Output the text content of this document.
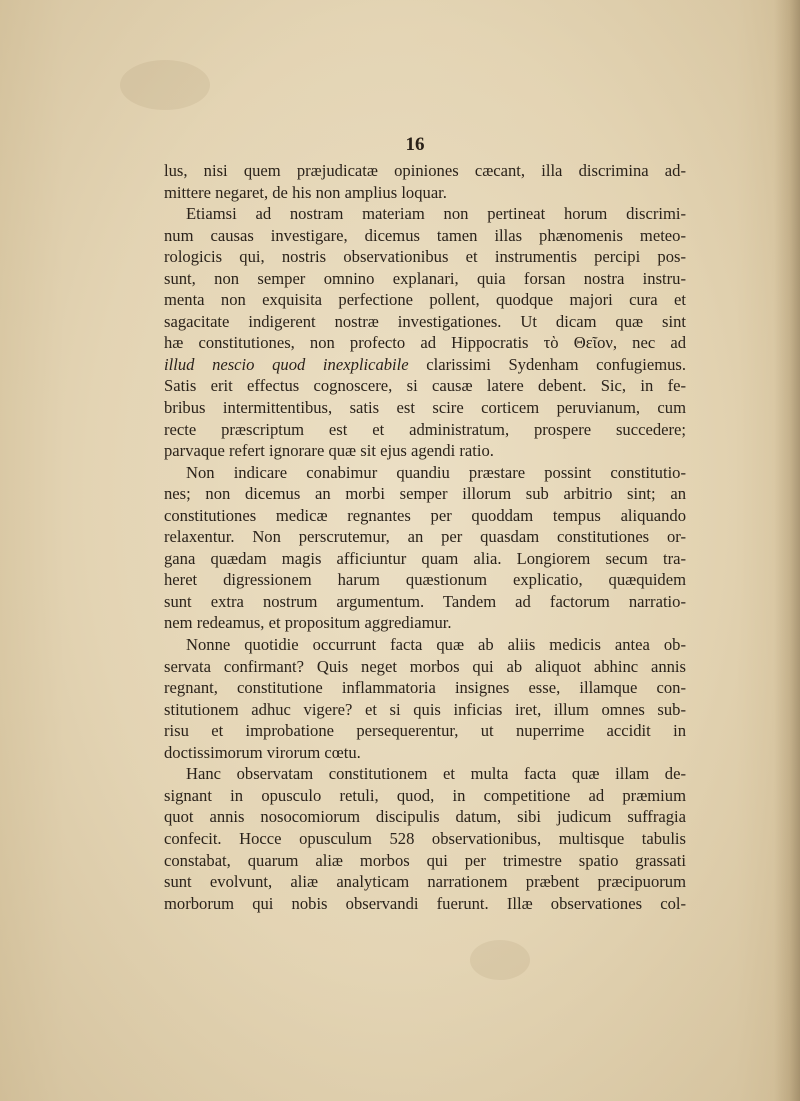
16
lus, nisi quem præjudicatæ opiniones cæcant, illa discrimina ad-
mittere negaret, de his non amplius loquar.
Etiamsi ad nostram materiam non pertineat horum discrimi-
num causas investigare, dicemus tamen illas phænomenis meteo-
rologicis qui, nostris observationibus et instrumentis percipi pos-
sunt, non semper omnino explanari, quia forsan nostra instru-
menta non exquisita perfectione pollent, quodque majori cura et
sagacitate indigerent nostræ investigationes. Ut dicam quæ sint
hæ constitutiones, non profecto ad Hippocratis τὸ Θεῖον, nec ad
illud nescio quod inexplicabile clarissimi Sydenham confugiemus.
Satis erit effectus cognoscere, si causæ latere debent. Sic, in fe-
bribus intermittentibus, satis est scire corticem peruvianum, cum
recte præscriptum est et administratum, prospere succedere;
parvaque refert ignorare quæ sit ejus agendi ratio.
Non indicare conabimur quandiu præstare possint constitutio-
nes; non dicemus an morbi semper illorum sub arbitrio sint; an
constitutiones medicæ regnantes per quoddam tempus aliquando
relaxentur. Non perscrutemur, an per quasdam constitutiones or-
gana quædam magis afficiuntur quam alia. Longiorem secum tra-
heret digressionem harum quæstionum explicatio, quæquidem
sunt extra nostrum argumentum. Tandem ad factorum narratio-
nem redeamus, et propositum aggrediamur.
Nonne quotidie occurrunt facta quæ ab aliis medicis antea ob-
servata confirmant? Quis neget morbos qui ab aliquot abhinc annis
regnant, constitutione inflammatoria insignes esse, illamque con-
stitutionem adhuc vigere? et si quis inficias iret, illum omnes sub-
risu et improbatione persequerentur, ut nuperrime accidit in
doctissimorum virorum cœtu.
Hanc observatam constitutionem et multa facta quæ illam de-
signant in opusculo retuli, quod, in competitione ad præmium
quot annis nosocomiorum discipulis datum, sibi judicum suffragia
confecit. Hocce opusculum 528 observationibus, multisque tabulis
constabat, quarum aliæ morbos qui per trimestre spatio grassati
sunt evolvunt, aliæ analyticam narrationem præbent præcipuorum
morborum qui nobis observandi fuerunt. Illæ observationes col-
